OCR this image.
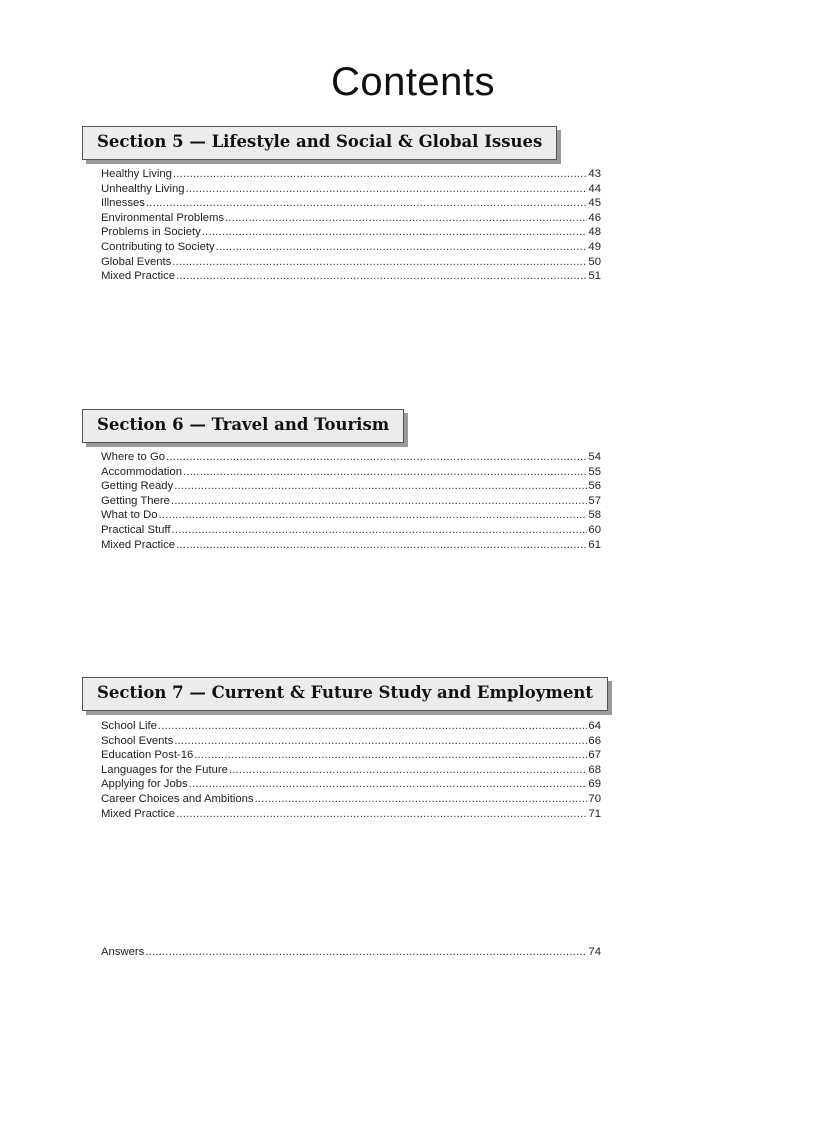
Contents
Section 5 — Lifestyle and Social & Global Issues
Healthy Living .....	43
Unhealthy Living .....	44
Illnesses .....	45
Environmental Problems .....	46
Problems in Society .....	48
Contributing to Society .....	49
Global Events .....	50
Mixed Practice .....	51
Section 6 — Travel and Tourism
Where to Go .....	54
Accommodation .....	55
Getting Ready .....	56
Getting There .....	57
What to Do .....	58
Practical Stuff .....	60
Mixed Practice .....	61
Section 7 — Current & Future Study and Employment
School Life .....	64
School Events .....	66
Education Post-16 .....	67
Languages for the Future .....	68
Applying for Jobs .....	69
Career Choices and Ambitions .....	70
Mixed Practice .....	71
Answers .....	74
